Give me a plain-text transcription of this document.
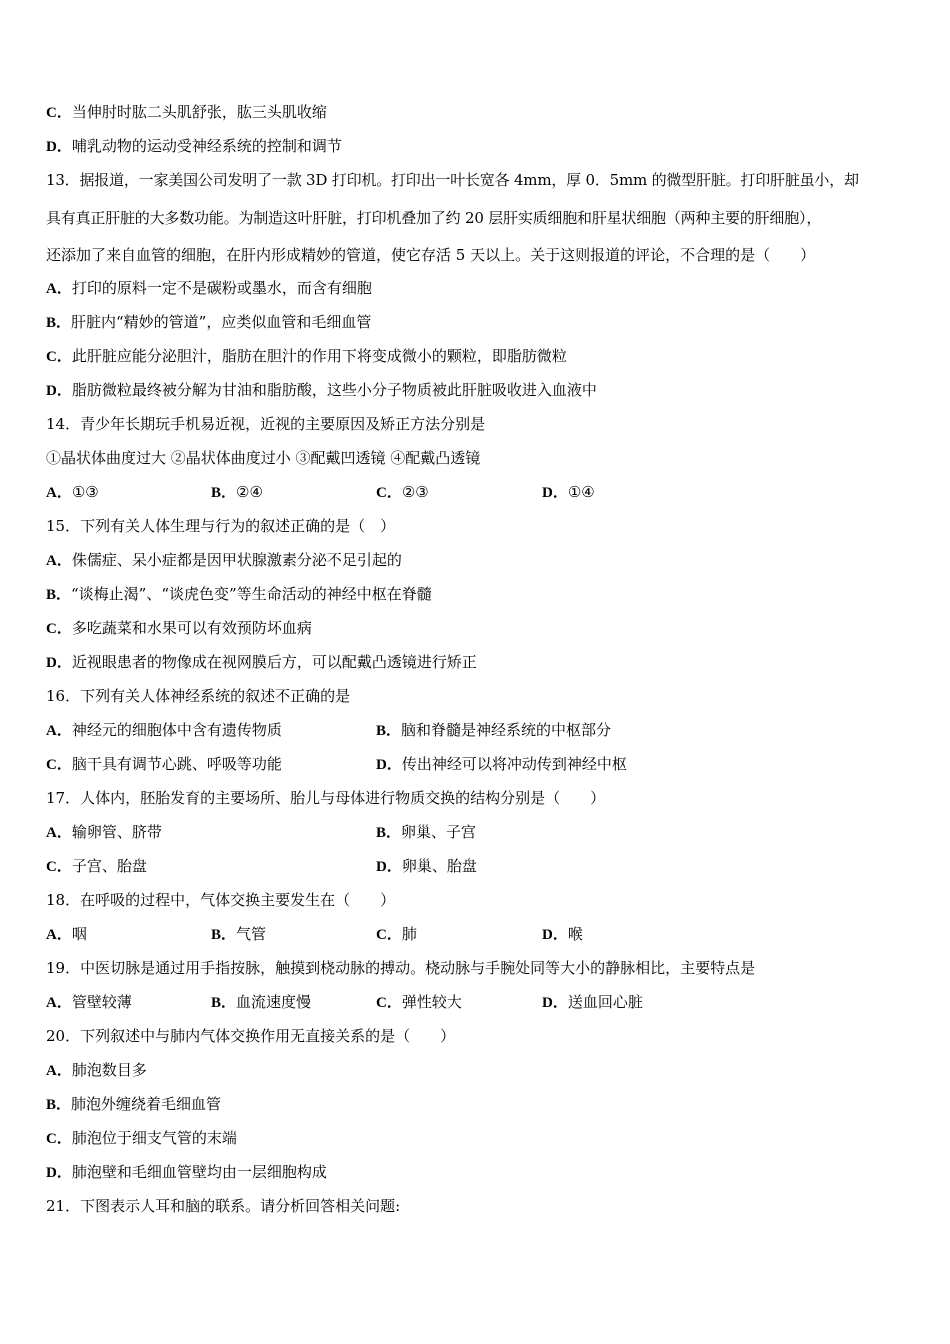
C．当伸肘时肱二头肌舒张，肱三头肌收缩
D．哺乳动物的运动受神经系统的控制和调节
13．据报道，一家美国公司发明了一款 3D 打印机。打印出一叶长宽各 4mm，厚 0．5mm 的微型肝脏。打印肝脏虽小，却
具有真正肝脏的大多数功能。为制造这叶肝脏，打印机叠加了约 20 层肝实质细胞和肝星状细胞（两种主要的肝细胞），
还添加了来自血管的细胞，在肝内形成精妙的管道，使它存活 5 天以上。关于这则报道的评论，不合理的是（　　）
A．打印的原料一定不是碳粉或墨水，而含有细胞
B．肝脏内“精妙的管道”，应类似血管和毛细血管
C．此肝脏应能分泌胆汁，脂肪在胆汁的作用下将变成微小的颗粒，即脂肪微粒
D．脂肪微粒最终被分解为甘油和脂肪酸，这些小分子物质被此肝脏吸收进入血液中
14．青少年长期玩手机易近视，近视的主要原因及矫正方法分别是
①晶状体曲度过大 ②晶状体曲度过小 ③配戴凹透镜 ④配戴凸透镜
A．①③	B．②④	C．②③	D．①④
15．下列有关人体生理与行为的叙述正确的是（　）
A．侏儒症、呆小症都是因甲状腺激素分泌不足引起的
B．“谈梅止渴”、“谈虎色变”等生命活动的神经中枢在脊髓
C．多吃蔬菜和水果可以有效预防坏血病
D．近视眼患者的物像成在视网膜后方，可以配戴凸透镜进行矫正
16．下列有关人体神经系统的叙述不正确的是
A．神经元的细胞体中含有遗传物质	B．脑和脊髓是神经系统的中枢部分
C．脑干具有调节心跳、呼吸等功能	D．传出神经可以将冲动传到神经中枢
17．人体内，胚胎发育的主要场所、胎儿与母体进行物质交换的结构分别是（　　）
A．输卵管、脐带	B．卵巢、子宫
C．子宫、胎盘	D．卵巢、胎盘
18．在呼吸的过程中，气体交换主要发生在（　　）
A．咽	B．气管	C．肺	D．喉
19．中医切脉是通过用手指按脉，触摸到桡动脉的搏动。桡动脉与手腕处同等大小的静脉相比，主要特点是
A．管壁较薄	B．血流速度慢	C．弹性较大	D．送血回心脏
20．下列叙述中与肺内气体交换作用无直接关系的是（　　）
A．肺泡数目多
B．肺泡外缠绕着毛细血管
C．肺泡位于细支气管的末端
D．肺泡壁和毛细血管壁均由一层细胞构成
21．下图表示人耳和脑的联系。请分析回答相关问题:
